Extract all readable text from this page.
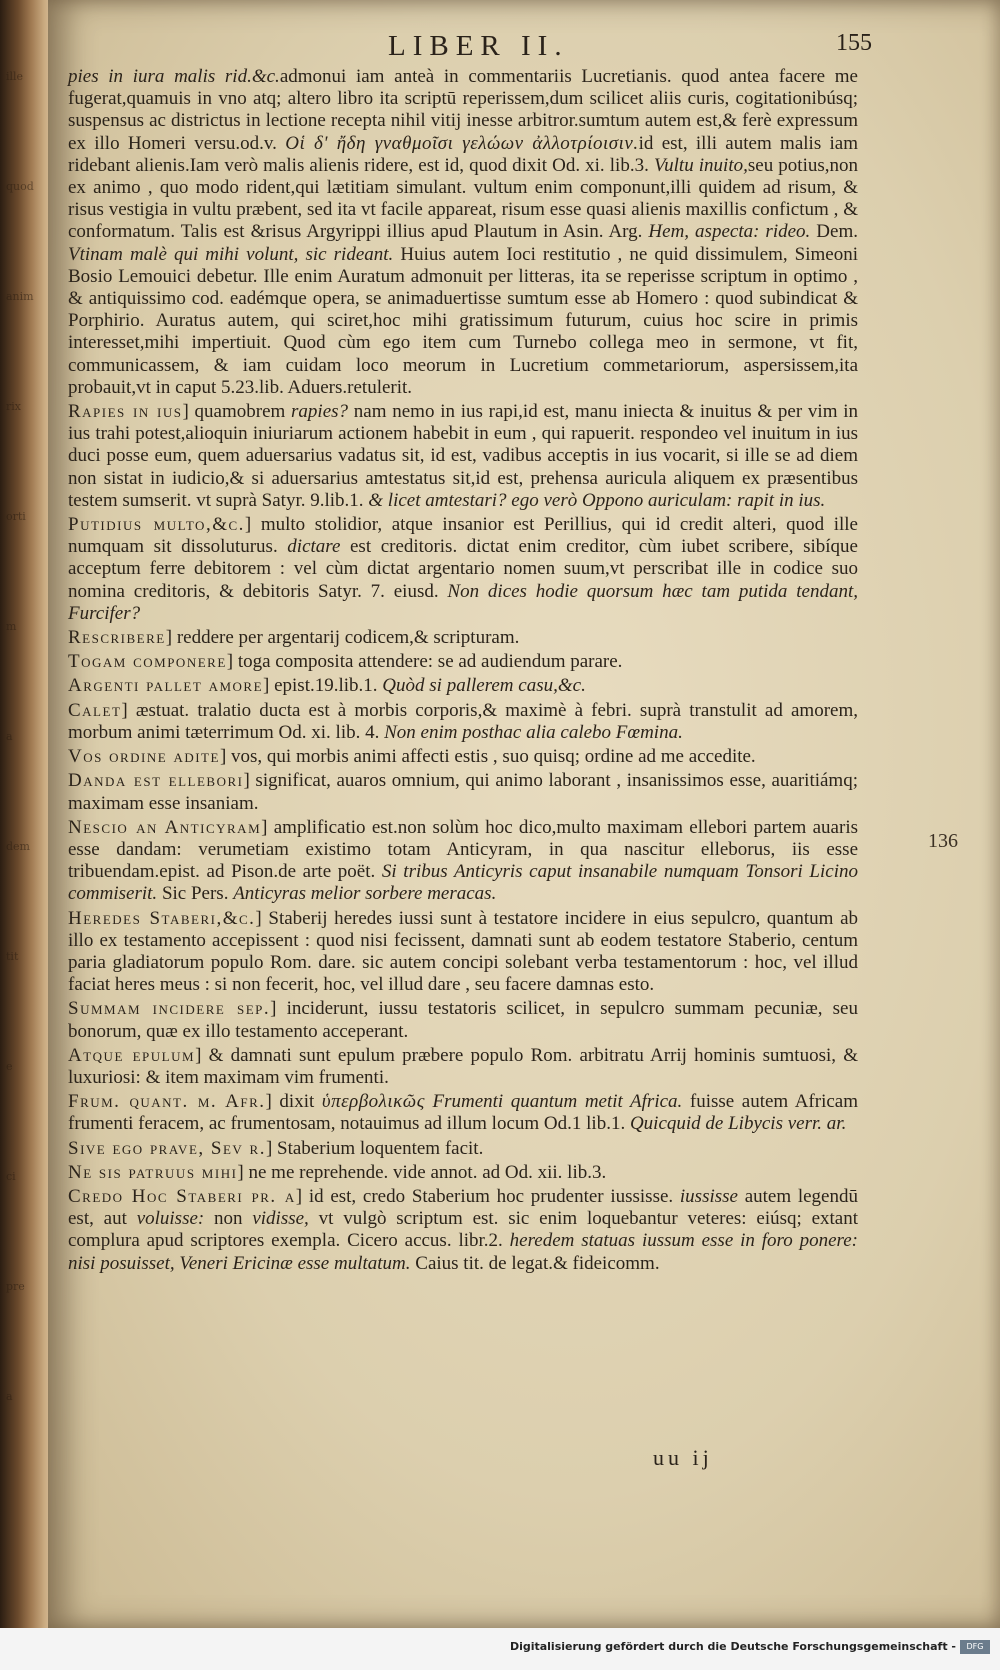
ille
quod
anim
rix
orti
m
a
dem
tit
e
ci
pre
a
LIBER II.	155

pies in iura malis rid.&c.admonui iam anteà in commentariis Lucretianis. quod antea facere me fugerat,quamuis in vno atq; altero libro ita scriptū reperissem,dum scilicet aliis curis, cogitationibúsq; suspensus ac districtus in lectione recepta nihil vitij inesse arbitror.sumtum autem est,& ferè expressum ex illo Homeri versu.od.v. Οἱ δ' ἤδη γναθμοῖσι γελώων ἀλλοτρίοισιν.id est, illi autem malis iam ridebant alienis.Iam verò malis alienis ridere, est id, quod dixit Od. xi. lib.3. Vultu inuito,seu potius,non ex animo , quo modo rident,qui lætitiam simulant. vultum enim componunt,illi quidem ad risum, & risus vestigia in vultu præbent, sed ita vt facile appareat, risum esse quasi alienis maxillis confictum , & conformatum. Talis est &risus Argyrippi illius apud Plautum in Asin. Arg. Hem, aspecta: rideo. Dem. Vtinam malè qui mihi volunt, sic rideant. Huius autem Ioci restitutio , ne quid dissimulem, Simeoni Bosio Lemouici debetur. Ille enim Auratum admonuit per litteras, ita se reperisse scriptum in optimo , & antiquissimo cod. eadémque opera, se animaduertisse sumtum esse ab Homero : quod subindicat & Porphirio. Auratus autem, qui sciret,hoc mihi gratissimum futurum, cuius hoc scire in primis interesset,mihi impertiuit. Quod cùm ego item cum Turnebo collega meo in sermone, vt fit, communicassem, & iam cuidam loco meorum in Lucretium commetariorum, aspersissem,ita probauit,vt in caput 5.23.lib. Aduers.retulerit.

Rapies in ius] quamobrem rapies? nam nemo in ius rapi,id est, manu iniecta & inuitus & per vim in ius trahi potest,alioquin iniuriarum actionem habebit in eum , qui rapuerit. respondeo vel inuitum in ius duci posse eum, quem aduersarius vadatus sit, id est, vadibus acceptis in ius vocarit, si ille se ad diem non sistat in iudicio,& si aduersarius amtestatus sit,id est, prehensa auricula aliquem ex præsentibus testem sumserit. vt suprà Satyr. 9.lib.1. & licet amtestari? ego verò Oppono auriculam: rapit in ius.

Putidius multo,&c.] multo stolidior, atque insanior est Perillius, qui id credit alteri, quod ille numquam sit dissoluturus. dictare est creditoris. dictat enim creditor, cùm iubet scribere, sibíque acceptum ferre debitorem : vel cùm dictat argentario nomen suum,vt perscribat ille in codice suo nomina creditoris, & debitoris Satyr. 7. eiusd. Non dices hodie quorsum hæc tam putida tendant, Furcifer?

Rescribere] reddere per argentarij codicem,& scripturam.

Togam componere] toga composita attendere: se ad audiendum parare.

Argenti pallet amore] epist.19.lib.1. Quòd si pallerem casu,&c.

Calet] æstuat. tralatio ducta est à morbis corporis,& maximè à febri. suprà transtulit ad amorem, morbum animi tæterrimum Od. xi. lib. 4. Non enim posthac alia calebo Fœmina.

Vos ordine adite] vos, qui morbis animi affecti estis , suo quisq; ordine ad me accedite.

Danda est ellebori] significat, auaros omnium, qui animo laborant , insanissimos esse, auaritiámq; maximam esse insaniam.

Nescio an Anticyram] amplificatio est.non solùm hoc dico,multo maximam ellebori partem auaris esse dandam: verumetiam existimo totam Anticyram, in qua nascitur elleborus, iis esse tribuendam.epist. ad Pison.de arte poët. Si tribus Anticyris caput insanabile numquam Tonsori Licino commiserit. Sic Pers. Anticyras melior sorbere meracas.

Heredes Staberi,&c.] Staberij heredes iussi sunt à testatore incidere in eius sepulcro, quantum ab illo ex testamento accepissent : quod nisi fecissent, damnati sunt ab eodem testatore Staberio, centum paria gladiatorum populo Rom. dare. sic autem concipi solebant verba testamentorum : hoc, vel illud faciat heres meus : si non fecerit, hoc, vel illud dare , seu facere damnas esto.

Summam incidere sep.] inciderunt, iussu testatoris scilicet, in sepulcro summam pecuniæ, seu bonorum, quæ ex illo testamento acceperant.

Atque epulum] & damnati sunt epulum præbere populo Rom. arbitratu Arrij hominis sumtuosi, & luxuriosi: & item maximam vim frumenti.

Frum. quant. m. Afr.] dixit ὑπερβολικῶς Frumenti quantum metit Africa. fuisse autem Africam frumenti feracem, ac frumentosam, notauimus ad illum locum Od.1 lib.1. Quicquid de Libycis verr. ar.

Sive ego prave, Sev r.] Staberium loquentem facit.

Ne sis patruus mihi] ne me reprehende. vide annot. ad Od. xii. lib.3.

Credo Hoc Staberi pr. a] id est, credo Staberium hoc prudenter iussisse. iussisse autem legendū est, aut voluisse: non vidisse, vt vulgò scriptum est. sic enim loquebantur veteres: eiúsq; extant complura apud scriptores exempla. Cicero accus. libr.2. heredem statuas iussum esse in foro ponere: nisi posuisset, Veneri Ericinæ esse multatum. Caius tit. de legat.& fideicomm.

136
uu ij
Digitalisierung gefördert durch die Deutsche Forschungsgemeinschaft -	DFG
